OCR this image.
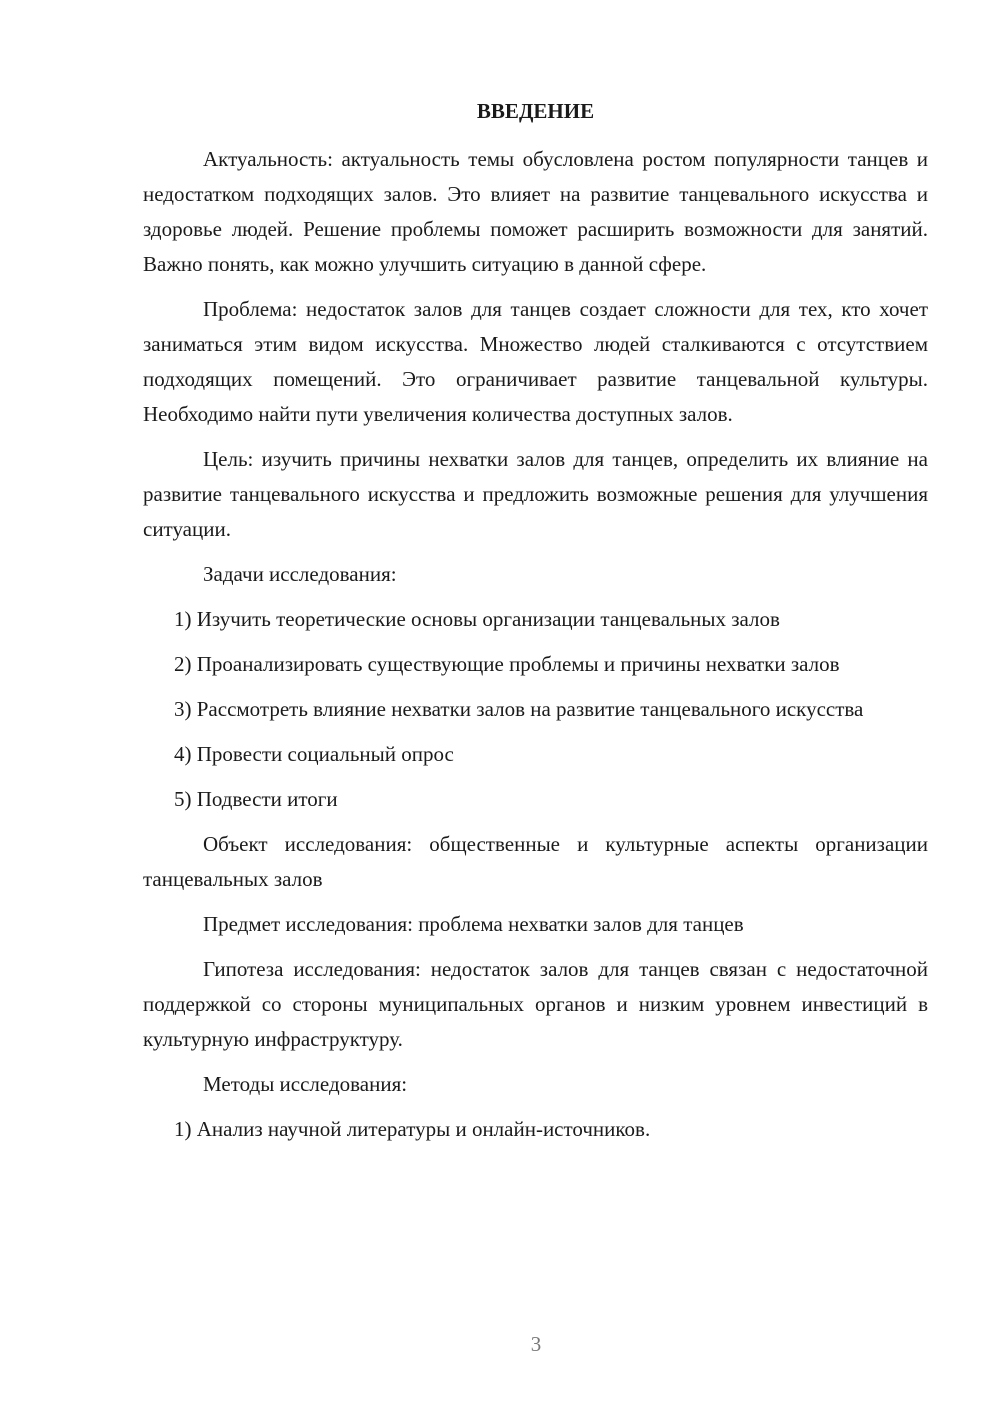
ВВЕДЕНИЕ

Актуальность: актуальность темы обусловлена ростом популярности танцев и недостатком подходящих залов. Это влияет на развитие танцевального искусства и здоровье людей. Решение проблемы поможет расширить возможности для занятий. Важно понять, как можно улучшить ситуацию в данной сфере.

Проблема: недостаток залов для танцев создает сложности для тех, кто хочет заниматься этим видом искусства. Множество людей сталкиваются с отсутствием подходящих помещений. Это ограничивает развитие танцевальной культуры. Необходимо найти пути увеличения количества доступных залов.

Цель: изучить причины нехватки залов для танцев, определить их влияние на развитие танцевального искусства и предложить возможные решения для улучшения ситуации.

Задачи исследования:

1) Изучить теоретические основы организации танцевальных залов

2) Проанализировать существующие проблемы и причины нехватки залов

3) Рассмотреть влияние нехватки залов на развитие танцевального искусства

4) Провести социальный опрос

5) Подвести итоги

Объект исследования: общественные и культурные аспекты организации танцевальных залов

Предмет исследования: проблема нехватки залов для танцев

Гипотеза исследования: недостаток залов для танцев связан с недостаточной поддержкой со стороны муниципальных органов и низким уровнем инвестиций в культурную инфраструктуру.

Методы исследования:

1) Анализ научной литературы и онлайн-источников.

3
